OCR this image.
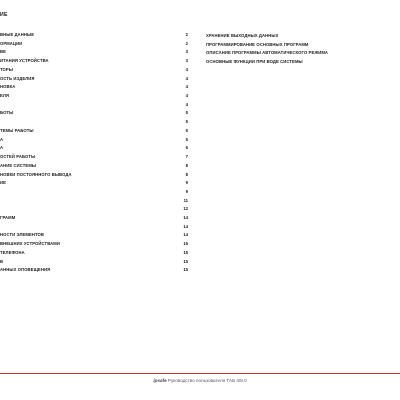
ИЕ
ВНЫЕ ДАННЫЕ	2
ОРМАЦИИ	2
ВЕ	3
ИТАНИЯ УСТРОЙСТВА	3
ТОРЫ	4
ОСТЬ ИЗДЕЛИЯ	4
НОВКА	4
ЕЛЯ	4
4
БОТЫ	5
5
ТЕМЫ РАБОТЫ	5
А	5
А	6
ОСТЕЙ РАБОТЫ	7
АНИЕ СИСТЕМЫ	8
НОВКИ ПОСТОЯННОГО ВЫВОДА	8
ИЕ	9
9
11
12
ГРАММ	14
14
НОСТИ ЭЛЕМЕНТОВ	14
ВНЕШНИХ УСТРОЙСТВАМИ	15
ТЕЛЕФОНА	15
В	15
АННЫХ ОПОВЕЩЕНИЯ	15
ХРАНЕНИЕ ВЫХОДНЫХ ДАННЫХ
ПРОГРАММИРОВАНИЕ ОСНОВНЫХ ПРОГРАММ
ОПИСАНИЕ ПРОГРАММЫ АВТОМАТИЧЕСКОГО РЕЖИМА
ОСНОВНЫЕ ФУНКЦИИ ПРИ ВОДЕ СИСТЕМЫ
ipsafe Руководство пользователя ТАБ 4/8.0
